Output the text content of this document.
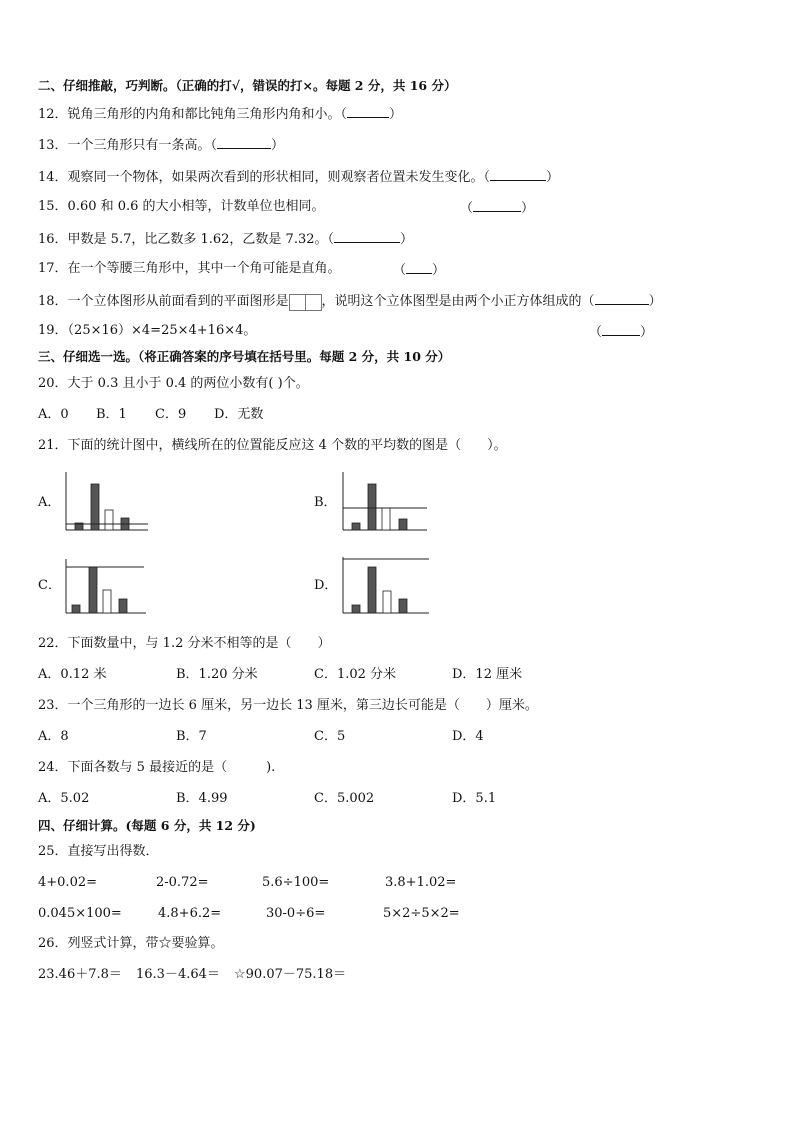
二、仔细推敲，巧判断。（正确的打√，错误的打×。每题 2 分，共 16 分）
12．锐角三角形的内角和都比钝角三角形内角和小。（	）
13．一个三角形只有一条高。（	）
14．观察同一个物体，如果两次看到的形状相同，则观察者位置未发生变化。（	）
15．0.60 和 0.6 的大小相等，计数单位也相同。	（	）
16．甲数是 5.7，比乙数多 1.62，乙数是 7.32。（	）
17．在一个等腰三角形中，其中一个角可能是直角。	（ ）
18．一个立体图形从前面看到的平面图形是	，说明这个立体图型是由两个小正方体组成的（	）
19．（25×16）×4=25×4+16×4。	（	）
三、仔细选一选。（将正确答案的序号填在括号里。每题 2 分，共 10 分）
20．大于 0.3 且小于 0.4 的两位小数有( )个。
A．0 B．1 C．9 D．无数
21．下面的统计图中，横线所在的位置能反应这 4 个数的平均数的图是（　　）。
A．	B．
C．	D．
22．下面数量中，与 1.2 分米不相等的是（　　）
A．0.12 米	B．1.20 分米	C．1.02 分米	D．12 厘米
23．一个三角形的一边长 6 厘米，另一边长 13 厘米，第三边长可能是（　　）厘米。
A．8	B．7	C．5	D．4
24．下面各数与 5 最接近的是（　　　).
A．5.02	B．4.99	C．5.002	D．5.1
四、仔细计算。(每题 6 分，共 12 分)
25．直接写出得数．
4+0.02=	2-0.72=	5.6÷100=	3.8+1.02=
0.045×100=	4.8+6.2=	30-0÷6=	5×2÷5×2=
26．列竖式计算，带☆要验算。
23.46＋7.8＝ 16.3－4.64＝ ☆90.07－75.18＝
